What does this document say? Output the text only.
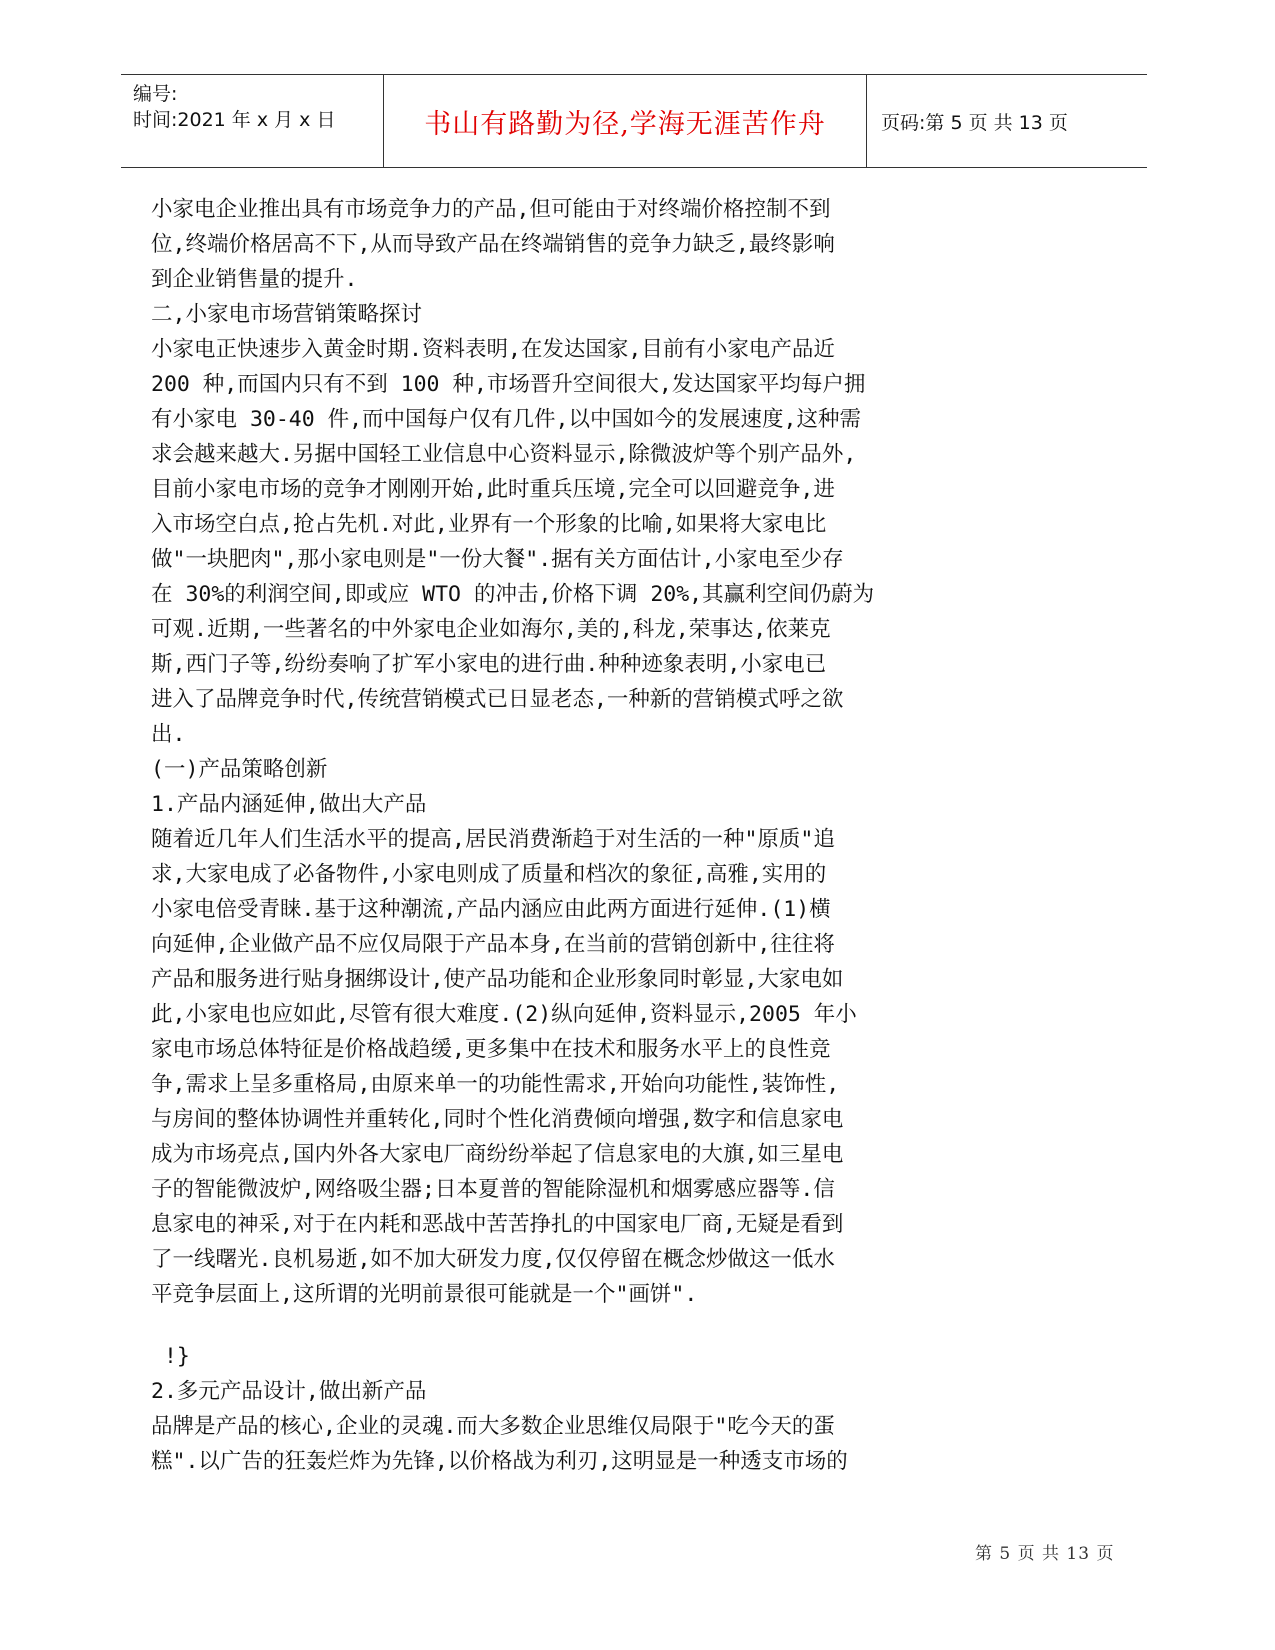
编号:
时间:2021 年 x 月 x 日	书山有路勤为径,学海无涯苦作舟	页码:第 5 页 共 13 页

小家电企业推出具有市场竞争力的产品,但可能由于对终端价格控制不到

位,终端价格居高不下,从而导致产品在终端销售的竞争力缺乏,最终影响

到企业销售量的提升.

二,小家电市场营销策略探讨

小家电正快速步入黄金时期.资料表明,在发达国家,目前有小家电产品近

200 种,而国内只有不到 100 种,市场晋升空间很大,发达国家平均每户拥

有小家电 30-40 件,而中国每户仅有几件,以中国如今的发展速度,这种需

求会越来越大.另据中国轻工业信息中心资料显示,除微波炉等个别产品外,

目前小家电市场的竞争才刚刚开始,此时重兵压境,完全可以回避竞争,进

入市场空白点,抢占先机.对此,业界有一个形象的比喻,如果将大家电比

做"一块肥肉",那小家电则是"一份大餐".据有关方面估计,小家电至少存

在 30%的利润空间,即或应 WTO 的冲击,价格下调 20%,其赢利空间仍蔚为

可观.近期,一些著名的中外家电企业如海尔,美的,科龙,荣事达,依莱克

斯,西门子等,纷纷奏响了扩军小家电的进行曲.种种迹象表明,小家电已

进入了品牌竞争时代,传统营销模式已日显老态,一种新的营销模式呼之欲

出.

(一)产品策略创新

1.产品内涵延伸,做出大产品

随着近几年人们生活水平的提高,居民消费渐趋于对生活的一种"原质"追

求,大家电成了必备物件,小家电则成了质量和档次的象征,高雅,实用的

小家电倍受青睐.基于这种潮流,产品内涵应由此两方面进行延伸.(1)横

向延伸,企业做产品不应仅局限于产品本身,在当前的营销创新中,往往将

产品和服务进行贴身捆绑设计,使产品功能和企业形象同时彰显,大家电如

此,小家电也应如此,尽管有很大难度.(2)纵向延伸,资料显示,2005 年小

家电市场总体特征是价格战趋缓,更多集中在技术和服务水平上的良性竞

争,需求上呈多重格局,由原来单一的功能性需求,开始向功能性,装饰性,

与房间的整体协调性并重转化,同时个性化消费倾向增强,数字和信息家电

成为市场亮点,国内外各大家电厂商纷纷举起了信息家电的大旗,如三星电

子的智能微波炉,网络吸尘器;日本夏普的智能除湿机和烟雾感应器等.信

息家电的神采,对于在内耗和恶战中苦苦挣扎的中国家电厂商,无疑是看到

了一线曙光.良机易逝,如不加大研发力度,仅仅停留在概念炒做这一低水

平竞争层面上,这所谓的光明前景很可能就是一个"画饼".

!}

2.多元产品设计,做出新产品

品牌是产品的核心,企业的灵魂.而大多数企业思维仅局限于"吃今天的蛋

糕".以广告的狂轰烂炸为先锋,以价格战为利刃,这明显是一种透支市场的

第 5 页 共 13 页
